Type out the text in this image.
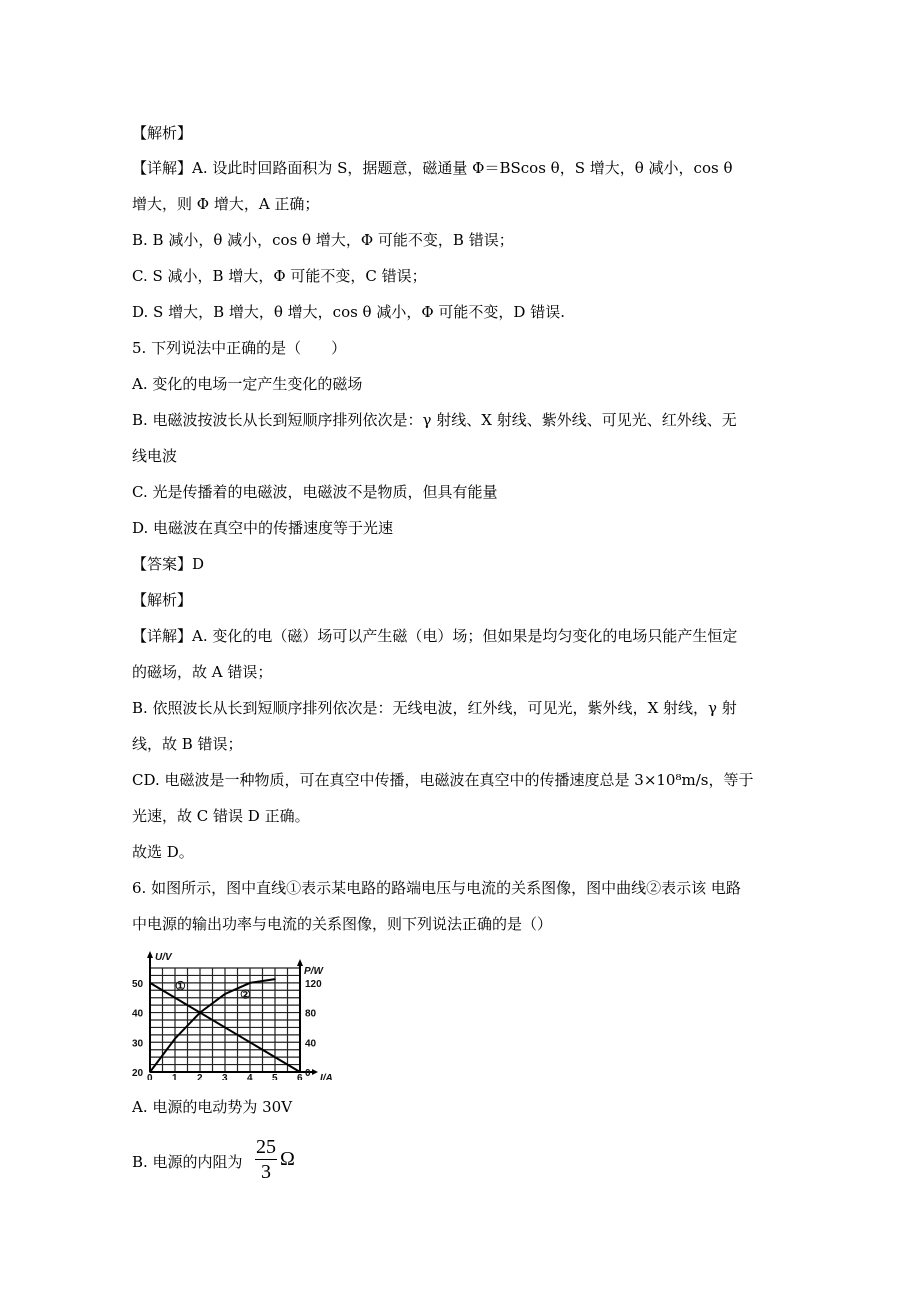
【解析】
【详解】A. 设此时回路面积为 S，据题意，磁通量 Φ＝BScos θ，S 增大，θ 减小，cos θ
增大，则 Φ 增大，A 正确；
B. B 减小，θ 减小，cos θ 增大，Φ 可能不变，B 错误；
C. S 减小，B 增大，Φ 可能不变，C 错误；
D. S 增大，B 增大，θ 增大，cos θ 减小，Φ 可能不变，D 错误.
5. 下列说法中正确的是（　　）
A. 变化的电场一定产生变化的磁场
B. 电磁波按波长从长到短顺序排列依次是：γ 射线、X 射线、紫外线、可见光、红外线、无
线电波
C. 光是传播着的电磁波，电磁波不是物质，但具有能量
D. 电磁波在真空中的传播速度等于光速
【答案】D
【解析】
【详解】A. 变化的电（磁）场可以产生磁（电）场；但如果是均匀变化的电场只能产生恒定
的磁场，故 A 错误；
B. 依照波长从长到短顺序排列依次是：无线电波，红外线，可见光，紫外线，X 射线，γ 射
线，故 B 错误；
CD. 电磁波是一种物质，可在真空中传播，电磁波在真空中的传播速度总是 3×10⁸m/s，等于
光速，故 C 错误 D 正确。
故选 D。
6. 如图所示，图中直线①表示某电路的路端电压与电流的关系图像，图中曲线②表示该 电路
中电源的输出功率与电流的关系图像，则下列说法正确的是（）
0 1 2 3 4 5 6
20
30
40
50
0
40
80
120
U/V
P/W
I/A
①
②
A. 电源的电动势为 30V
B. 电源的内阻为
25
3
Ω
